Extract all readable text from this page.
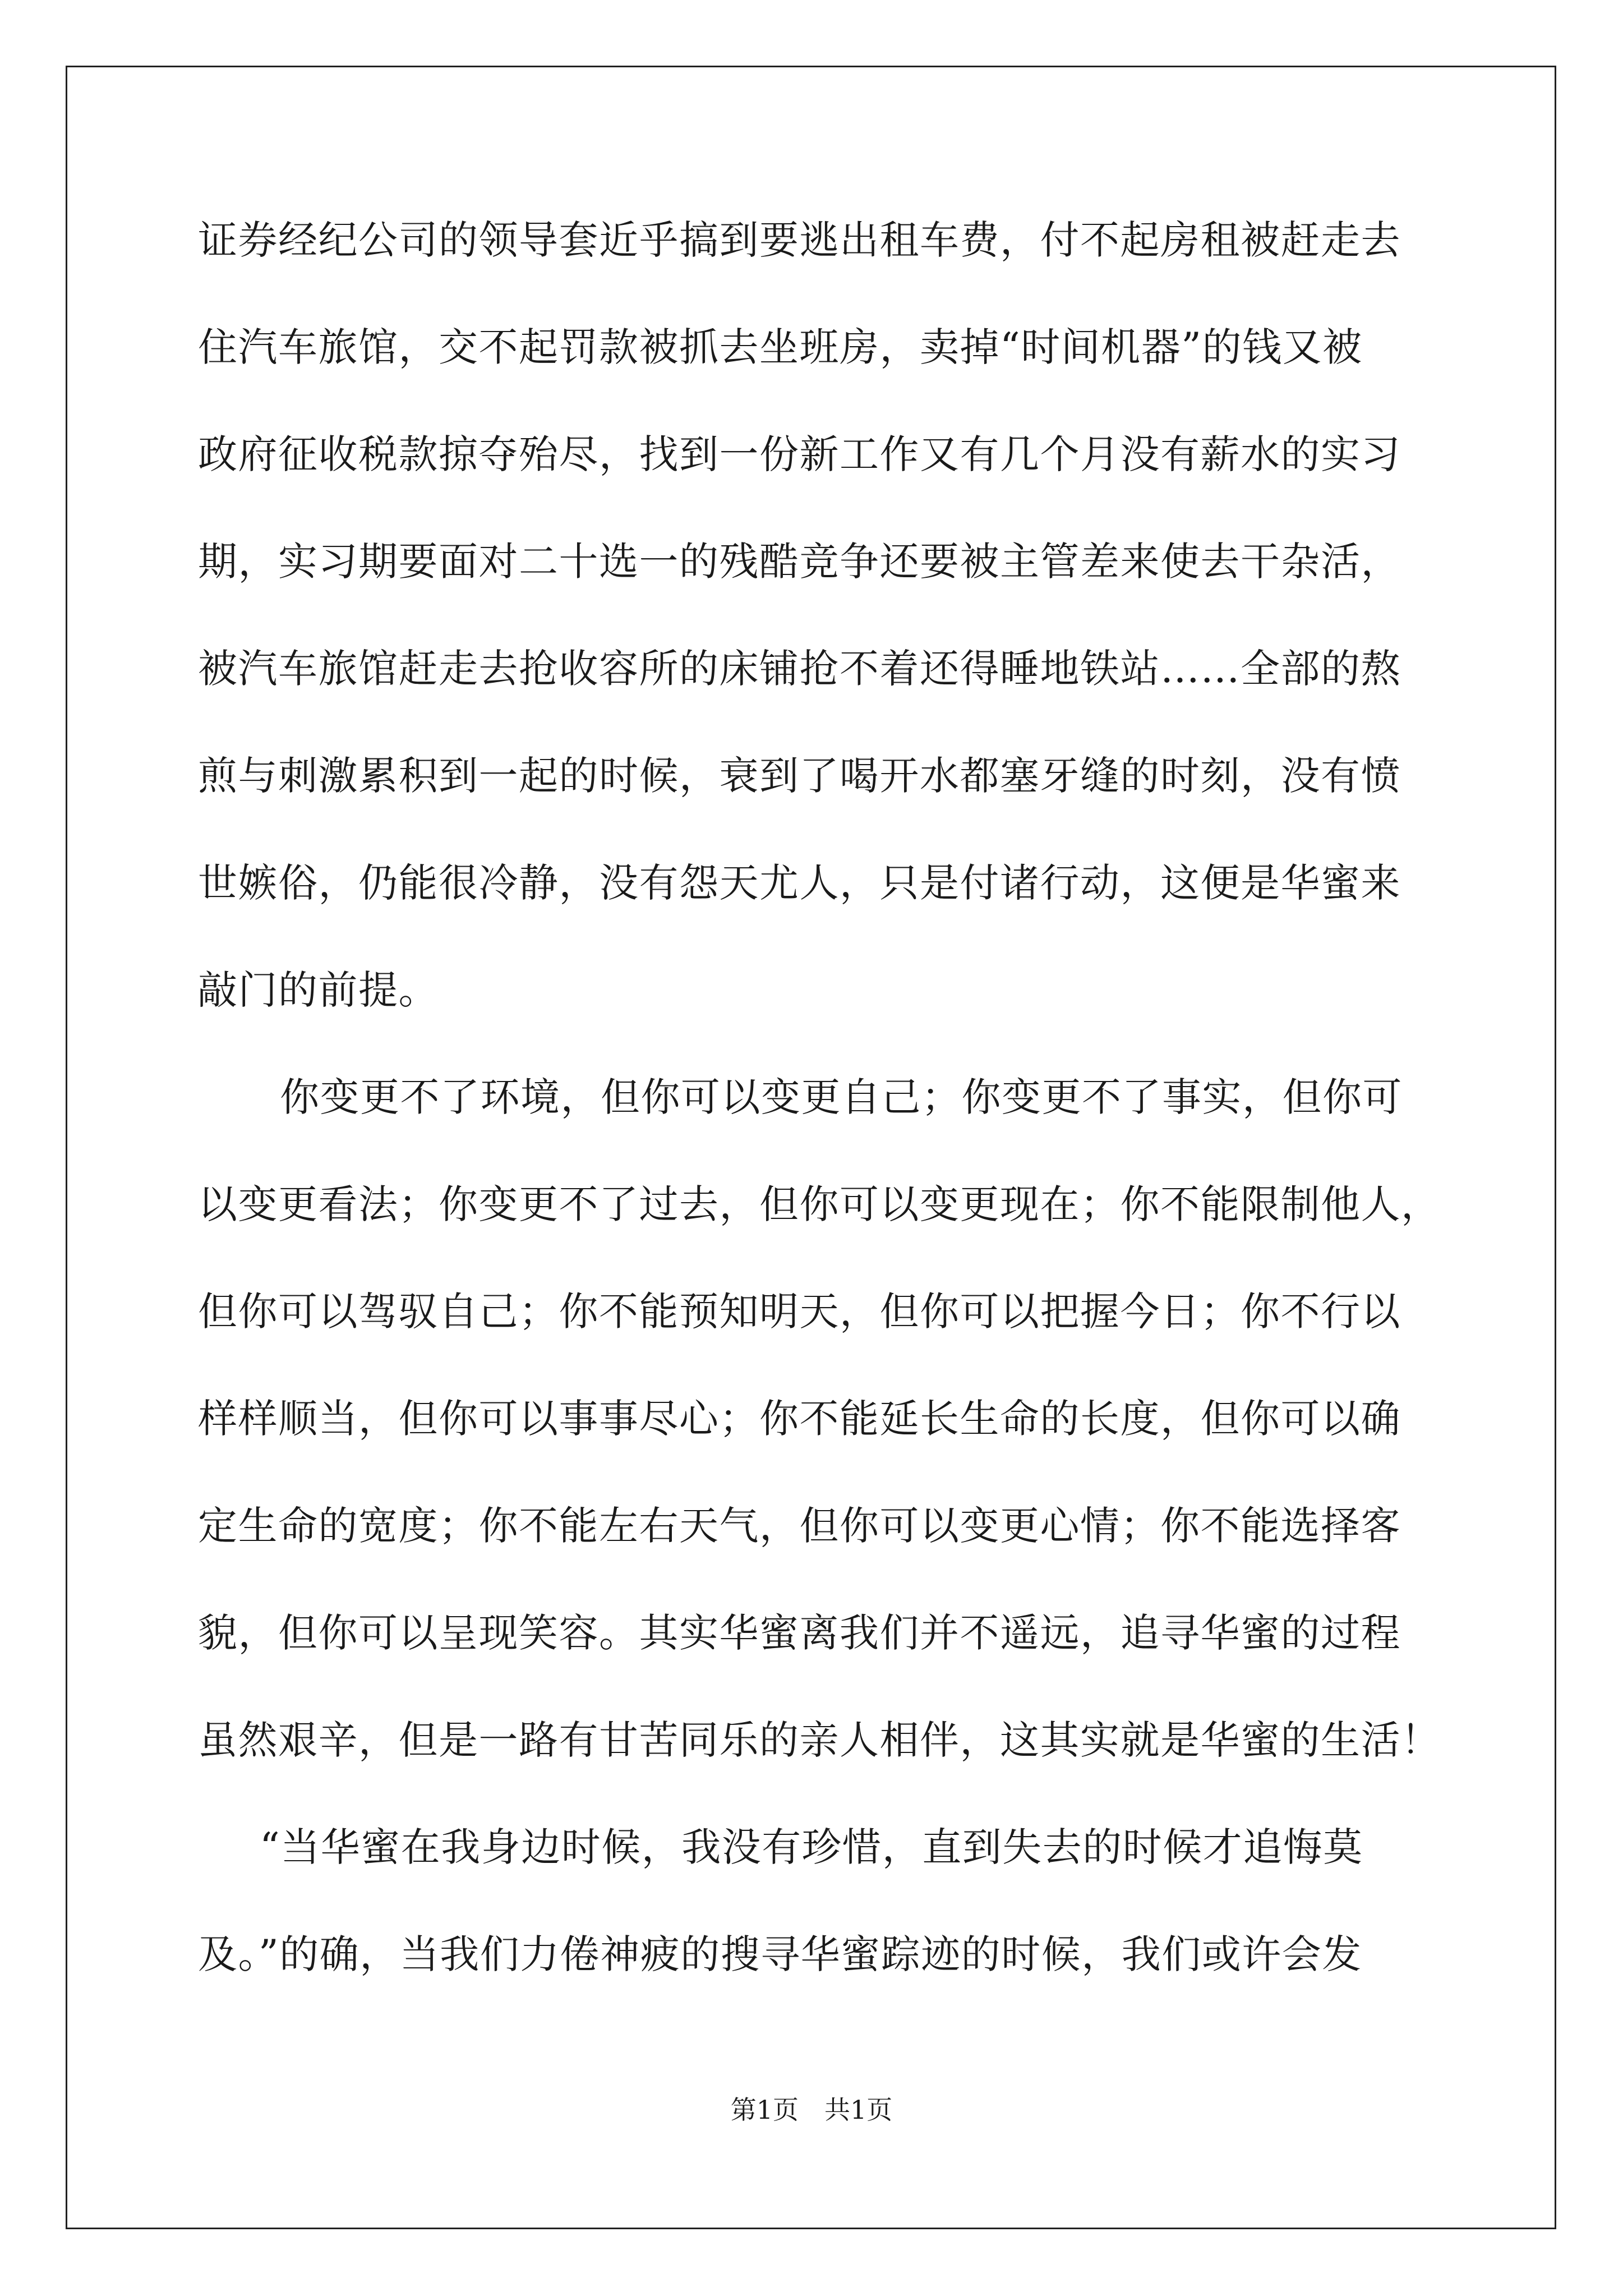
证券经纪公司的领导套近乎搞到要逃出租车费，付不起房租被赶走去
住汽车旅馆，交不起罚款被抓去坐班房，卖掉“时间机器”的钱又被
政府征收税款掠夺殆尽，找到一份新工作又有几个月没有薪水的实习
期，实习期要面对二十选一的残酷竞争还要被主管差来使去干杂活，
被汽车旅馆赶走去抢收容所的床铺抢不着还得睡地铁站……全部的熬
煎与刺激累积到一起的时候，衰到了喝开水都塞牙缝的时刻，没有愤
世嫉俗，仍能很冷静，没有怨天尤人，只是付诸行动，这便是华蜜来
敲门的前提。
你变更不了环境，但你可以变更自己；你变更不了事实，但你可
以变更看法；你变更不了过去，但你可以变更现在；你不能限制他人，
但你可以驾驭自己；你不能预知明天，但你可以把握今日；你不行以
样样顺当，但你可以事事尽心；你不能延长生命的长度，但你可以确
定生命的宽度；你不能左右天气，但你可以变更心情；你不能选择客
貌，但你可以呈现笑容。其实华蜜离我们并不遥远，追寻华蜜的过程
虽然艰辛，但是一路有甘苦同乐的亲人相伴，这其实就是华蜜的生活！
“当华蜜在我身边时候，我没有珍惜，直到失去的时候才追悔莫
及。”的确，当我们力倦神疲的搜寻华蜜踪迹的时候，我们或许会发
第1页　共1页
